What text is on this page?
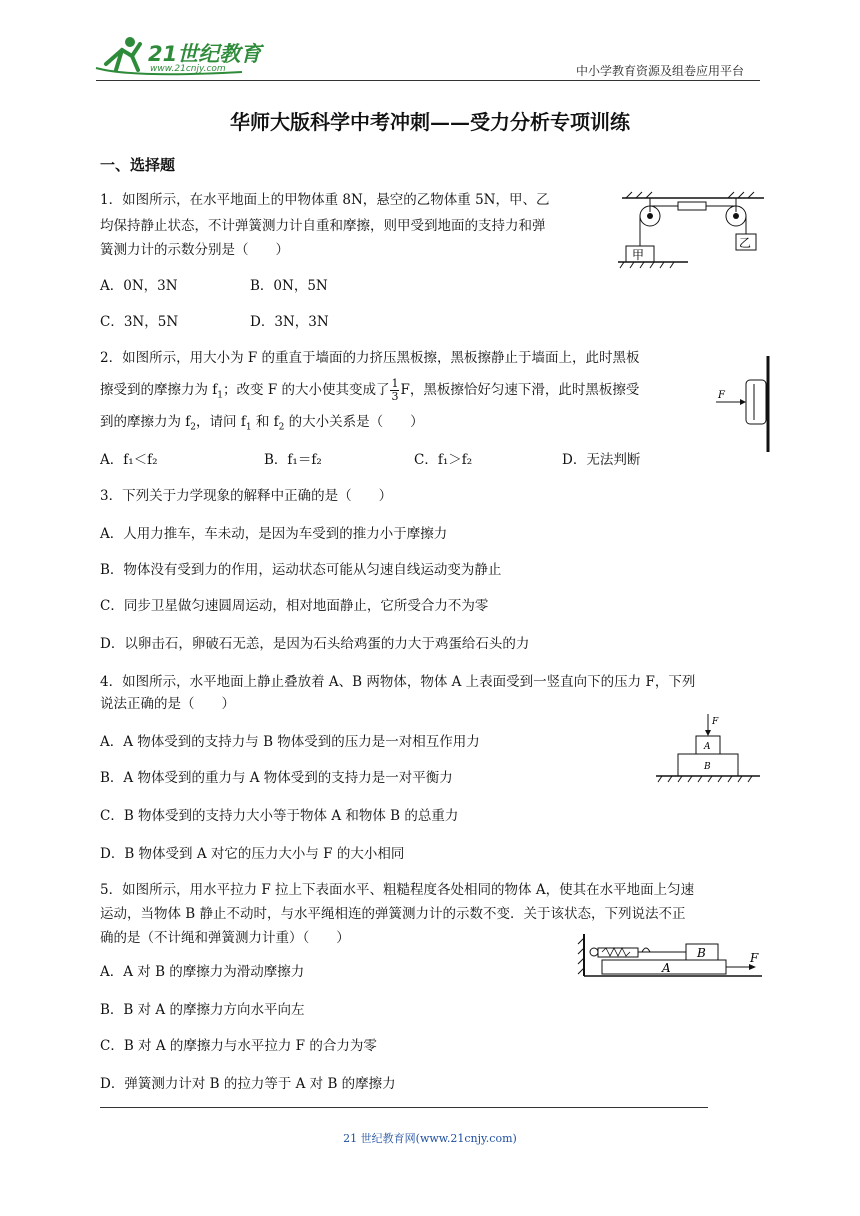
21世纪教育
www.21cnjy.com	中小学教育资源及组卷应用平台
华师大版科学中考冲刺——受力分析专项训练
一、选择题
1．如图所示，在水平地面上的甲物体重 8N，悬空的乙物体重 5N，甲、乙
均保持静止状态，不计弹簧测力计自重和摩擦，则甲受到地面的支持力和弹
簧测力计的示数分别是（　　）
A．0N，3N	B．0N，5N
C．3N，5N	D．3N，3N
甲
乙
2．如图所示，用大小为 F 的重直于墙面的力挤压黑板擦，黑板擦静止于墙面上，此时黑板
擦受到的摩擦力为 $f_1$；改变 F 的大小使其变成了 $\frac{1}{3}$ F，黑板擦恰好匀速下滑，此时黑板擦受
到的摩擦力为 $f_2$，请问 $f_1$ 和 $f_2$ 的大小关系是（　　）
A．f₁＜f₂	B．f₁＝f₂	C．f₁＞f₂	D．无法判断
F
3．下列关于力学现象的解释中正确的是（　　）
A．人用力推车，车未动，是因为车受到的推力小于摩擦力
B．物体没有受到力的作用，运动状态可能从匀速自线运动变为静止
C．同步卫星做匀速圆周运动，相对地面静止，它所受合力不为零
D．以卵击石，卵破石无恙，是因为石头给鸡蛋的力大于鸡蛋给石头的力
4．如图所示，水平地面上静止叠放着 A、B 两物体，物体 A 上表面受到一竖直向下的压力 F，下列
说法正确的是（　　）
A．A 物体受到的支持力与 B 物体受到的压力是一对相互作用力
B．A 物体受到的重力与 A 物体受到的支持力是一对平衡力
C．B 物体受到的支持力大小等于物体 A 和物体 B 的总重力
D．B 物体受到 A 对它的压力大小与 F 的大小相同
F
A
B
5．如图所示，用水平拉力 F 拉上下表面水平、粗糙程度各处相同的物体 A，使其在水平地面上匀速
运动，当物体 B 静止不动时，与水平绳相连的弹簧测力计的示数不变．关于该状态，下列说法不正
确的是（不计绳和弹簧测力计重）（　　）
A．A 对 B 的摩擦力为滑动摩擦力
B．B 对 A 的摩擦力方向水平向左
C．B 对 A 的摩擦力与水平拉力 F 的合力为零
D．弹簧测力计对 B 的拉力等于 A 对 B 的摩擦力
B
A
F
21 世纪教育网(www.21cnjy.com)
